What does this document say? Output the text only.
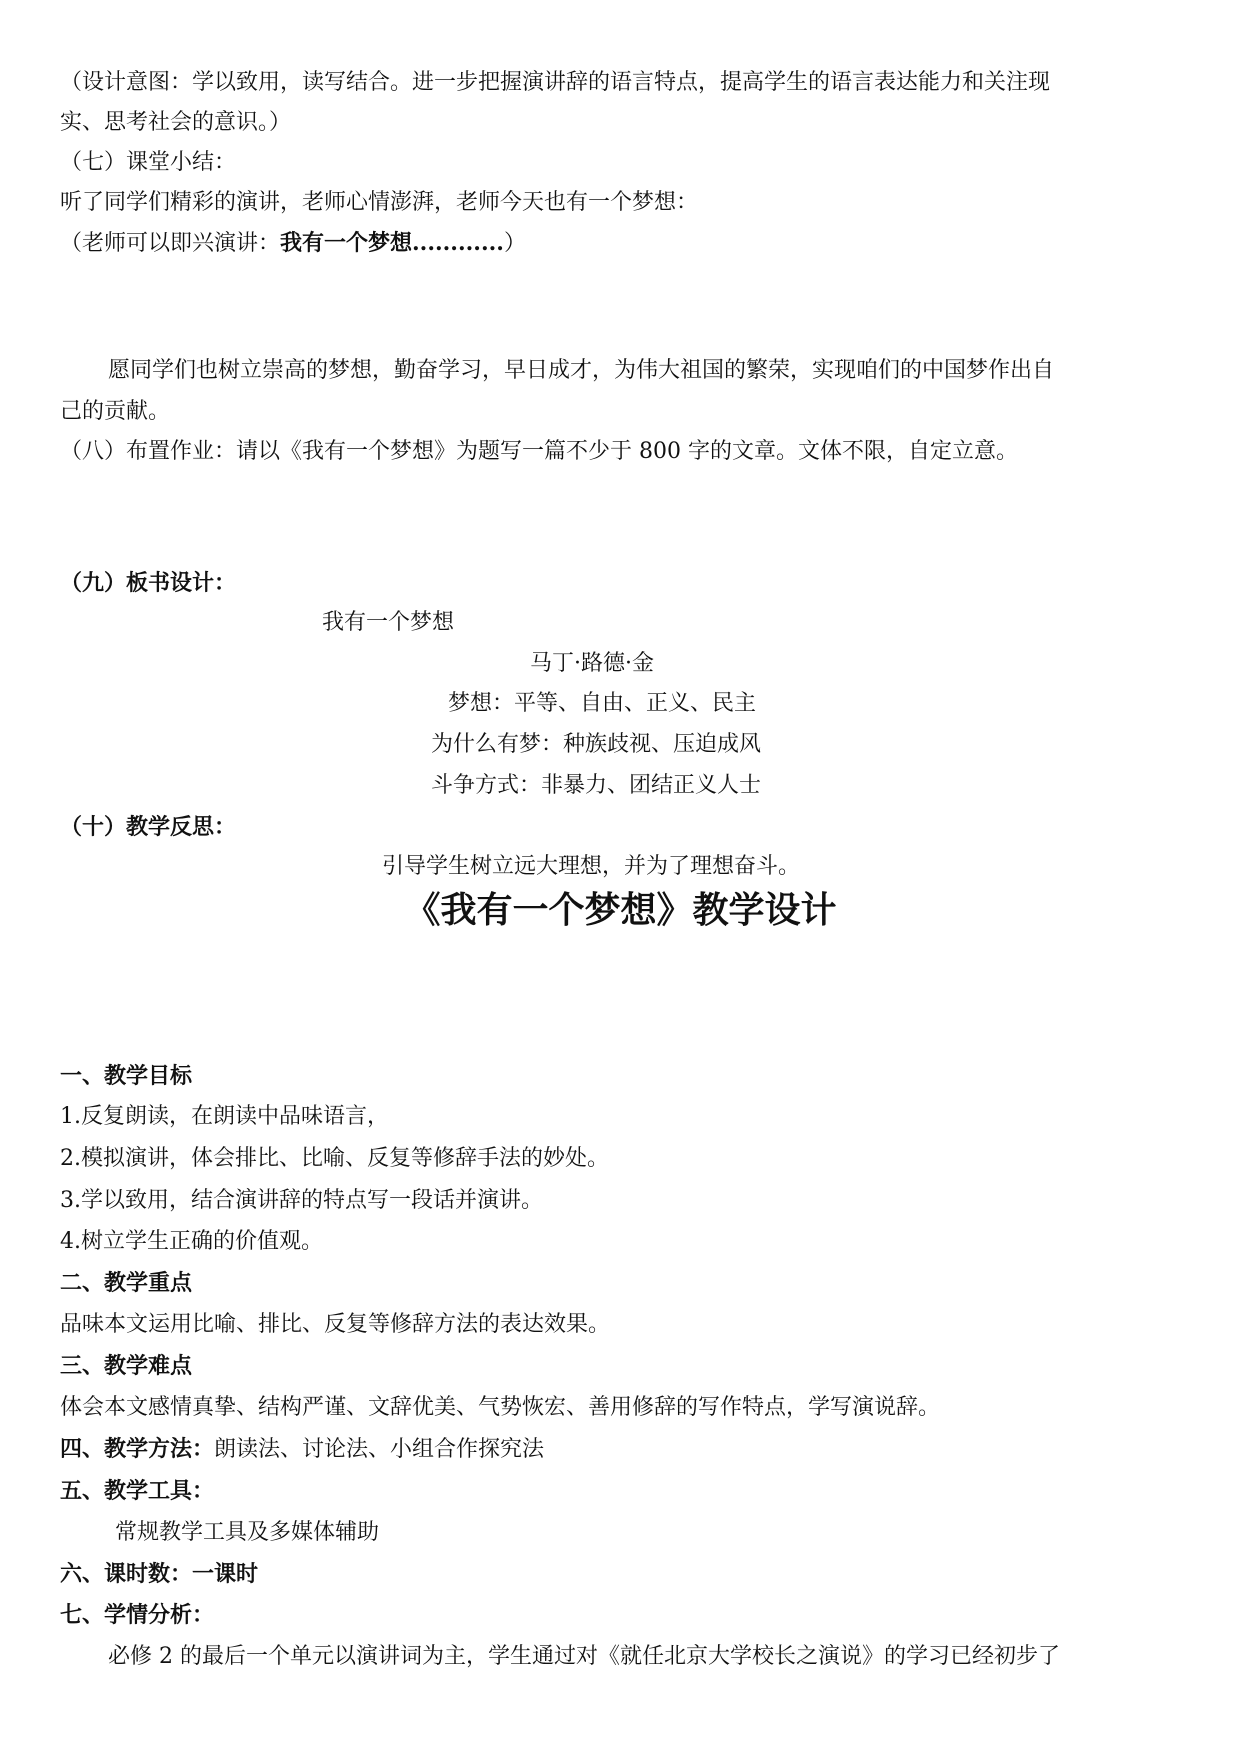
（设计意图：学以致用，读写结合。进一步把握演讲辞的语言特点，提高学生的语言表达能力和关注现
实、思考社会的意识。）
（七）课堂小结：
听了同学们精彩的演讲，老师心情澎湃，老师今天也有一个梦想：
（老师可以即兴演讲：我有一个梦想............）
愿同学们也树立崇高的梦想，勤奋学习，早日成才，为伟大祖国的繁荣，实现咱们的中国梦作出自
己的贡献。
（八）布置作业：请以《我有一个梦想》为题写一篇不少于 800 字的文章。文体不限，自定立意。
（九）板书设计：
我有一个梦想
马丁·路德·金
梦想：平等、自由、正义、民主
为什么有梦：种族歧视、压迫成风
斗争方式：非暴力、团结正义人士
（十）教学反思：
引导学生树立远大理想，并为了理想奋斗。
《我有一个梦想》教学设计
一、教学目标
1.反复朗读，在朗读中品味语言，
2.模拟演讲，体会排比、比喻、反复等修辞手法的妙处。
3.学以致用，结合演讲辞的特点写一段话并演讲。
4.树立学生正确的价值观。
二、教学重点
品味本文运用比喻、排比、反复等修辞方法的表达效果。
三、教学难点
体会本文感情真挚、结构严谨、文辞优美、气势恢宏、善用修辞的写作特点，学写演说辞。
四、教学方法：朗读法、讨论法、小组合作探究法
五、教学工具：
常规教学工具及多媒体辅助
六、课时数：一课时
七、学情分析：
必修 2 的最后一个单元以演讲词为主，学生通过对《就任北京大学校长之演说》的学习已经初步了
